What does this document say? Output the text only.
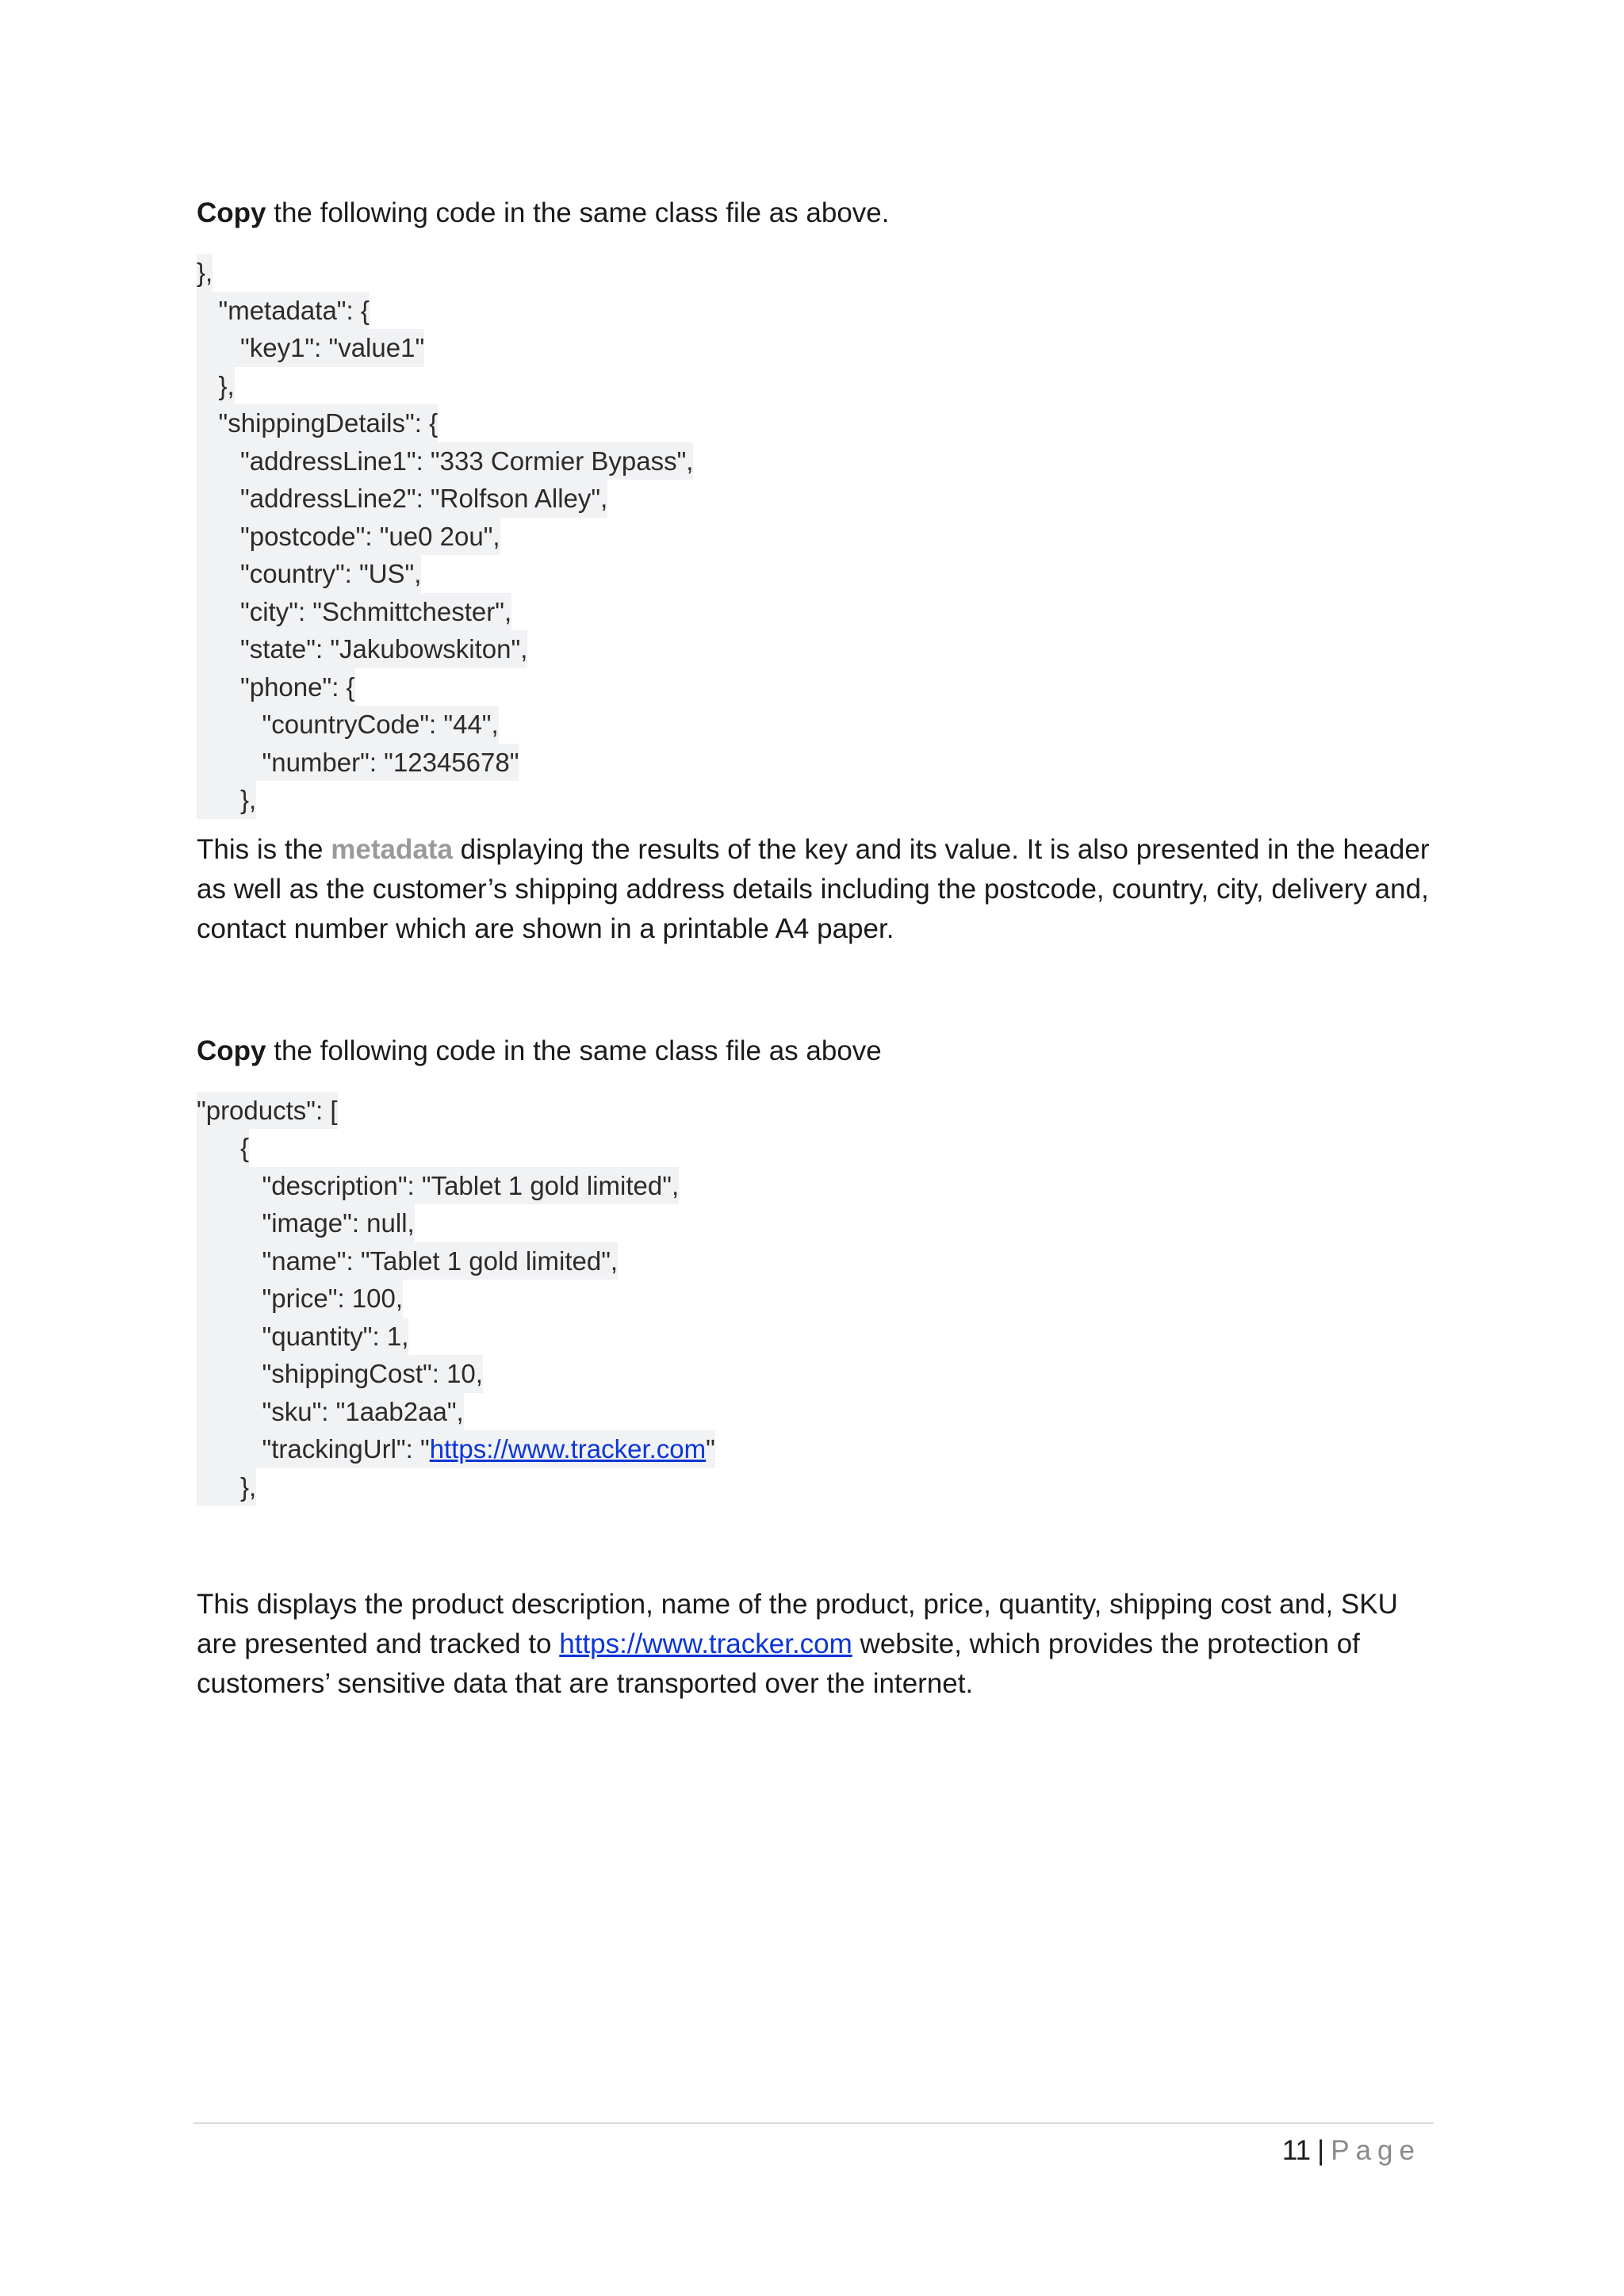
Copy the following code in the same class file as above.

},
"metadata": {
"key1": "value1"
},
"shippingDetails": {
"addressLine1": "333 Cormier Bypass",
"addressLine2": "Rolfson Alley",
"postcode": "ue0 2ou",
"country": "US",
"city": "Schmittchester",
"state": "Jakubowskiton",
"phone": {
"countryCode": "44",
"number": "12345678"
},

This is the metadata displaying the results of the key and its value. It is also presented in the header as well as the customer’s shipping address details including the postcode, country, city, delivery and, contact number which are shown in a printable A4 paper.

Copy the following code in the same class file as above

"products": [
{
"description": "Tablet 1 gold limited",
"image": null,
"name": "Tablet 1 gold limited",
"price": 100,
"quantity": 1,
"shippingCost": 10,
"sku": "1aab2aa",
"trackingUrl": "https://www.tracker.com"
},

This displays the product description, name of the product, price, quantity, shipping cost and, SKU are presented and tracked to https://www.tracker.com website, which provides the protection of customers’ sensitive data that are transported over the internet.

11 | Page
